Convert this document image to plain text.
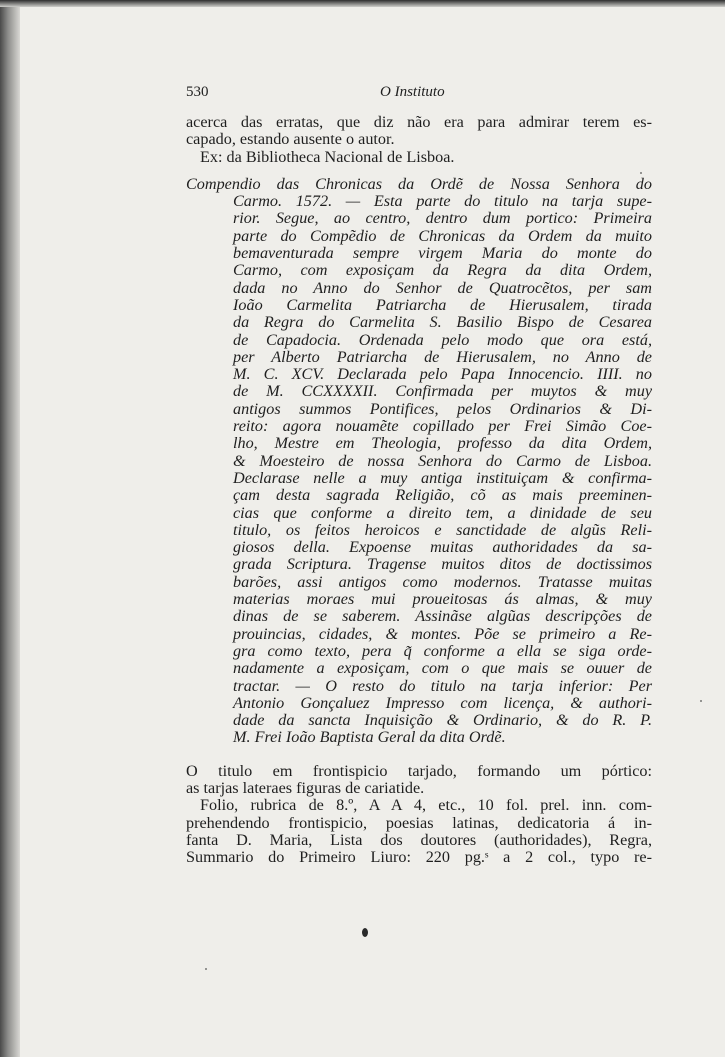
530	O Instituto
acerca das erratas, que diz não era para admirar terem es-
capado, estando ausente o autor.
Ex: da Bibliotheca Nacional de Lisboa.
Compendio das Chronicas da Ordẽ de Nossa Senhora do
Carmo. 1572. — Esta parte do titulo na tarja supe-
rior. Segue, ao centro, dentro dum portico: Primeira
parte do Compẽdio de Chronicas da Ordem da muito
bemaventurada sempre virgem Maria do monte do
Carmo, com exposiçam da Regra da dita Ordem,
dada no Anno do Senhor de Quatrocẽtos, per sam
Ioão Carmelita Patriarcha de Hierusalem, tirada
da Regra do Carmelita S. Basilio Bispo de Cesarea
de Capadocia. Ordenada pelo modo que ora está,
per Alberto Patriarcha de Hierusalem, no Anno de
M. C. XCV. Declarada pelo Papa Innocencio. IIII. no
de M. CCXXXXII. Confirmada per muytos & muy
antigos summos Pontifices, pelos Ordinarios & Di-
reito: agora nouamẽte copillado per Frei Simão Coe-
lho, Mestre em Theologia, professo da dita Ordem,
& Moesteiro de nossa Senhora do Carmo de Lisboa.
Declarase nelle a muy antiga instituiçam & confirma-
çam desta sagrada Religião, cõ as mais preeminen-
cias que conforme a direito tem, a dinidade de seu
titulo, os feitos heroicos e sanctidade de algũs Reli-
giosos della. Expoense muitas authoridades da sa-
grada Scriptura. Tragense muitos ditos de doctissimos
barões, assi antigos como modernos. Tratasse muitas
materias moraes mui proueitosas ás almas, & muy
dinas de se saberem. Assinãse algũas descripções de
prouincias, cidades, & montes. Põe se primeiro a Re-
gra como texto, pera q̃ conforme a ella se siga orde-
nadamente a exposiçam, com o que mais se ouuer de
tractar. — O resto do titulo na tarja inferior: Per
Antonio Gonçaluez Impresso com licença, & authori-
dade da sancta Inquisição & Ordinario, & do R. P.
M. Frei Ioão Baptista Geral da dita Ordẽ.
O titulo em frontispicio tarjado, formando um pórtico:
as tarjas lateraes figuras de cariatide.
Folio, rubrica de 8.º, A A 4, etc., 10 fol. prel. inn. com-
prehendendo frontispicio, poesias latinas, dedicatoria á in-
fanta D. Maria, Lista dos doutores (authoridades), Regra,
Summario do Primeiro Liuro: 220 pg.ˢ a 2 col., typo re-
